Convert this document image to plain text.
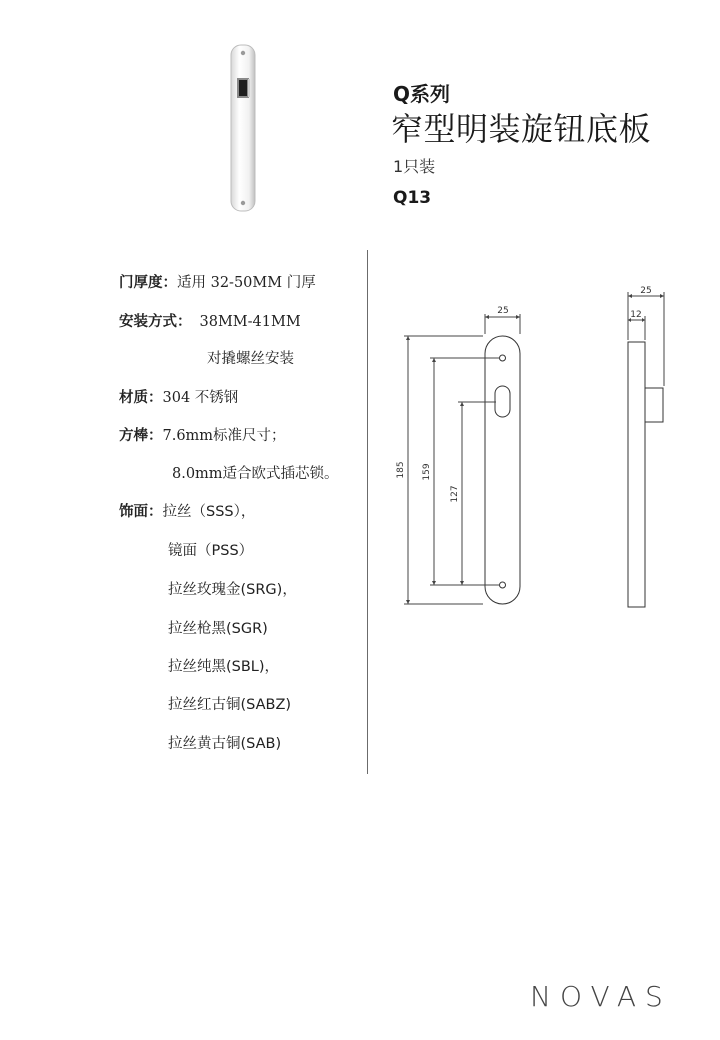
Q系列
窄型明装旋钮底板
1只装
Q13
门厚度：适用 32-50MM 门厚
安装方式： 38MM-41MM
对撬螺丝安装
材质：304 不锈钢
方棒：7.6mm标准尺寸；
8.0mm适合欧式插芯锁。
饰面：拉丝（SSS），
镜面（PSS）
拉丝玫瑰金(SRG)，
拉丝枪黑(SGR)
拉丝纯黑(SBL)，
拉丝红古铜(SABZ)
拉丝黄古铜(SAB)
25
185 159
127
25
12
NOVAS
